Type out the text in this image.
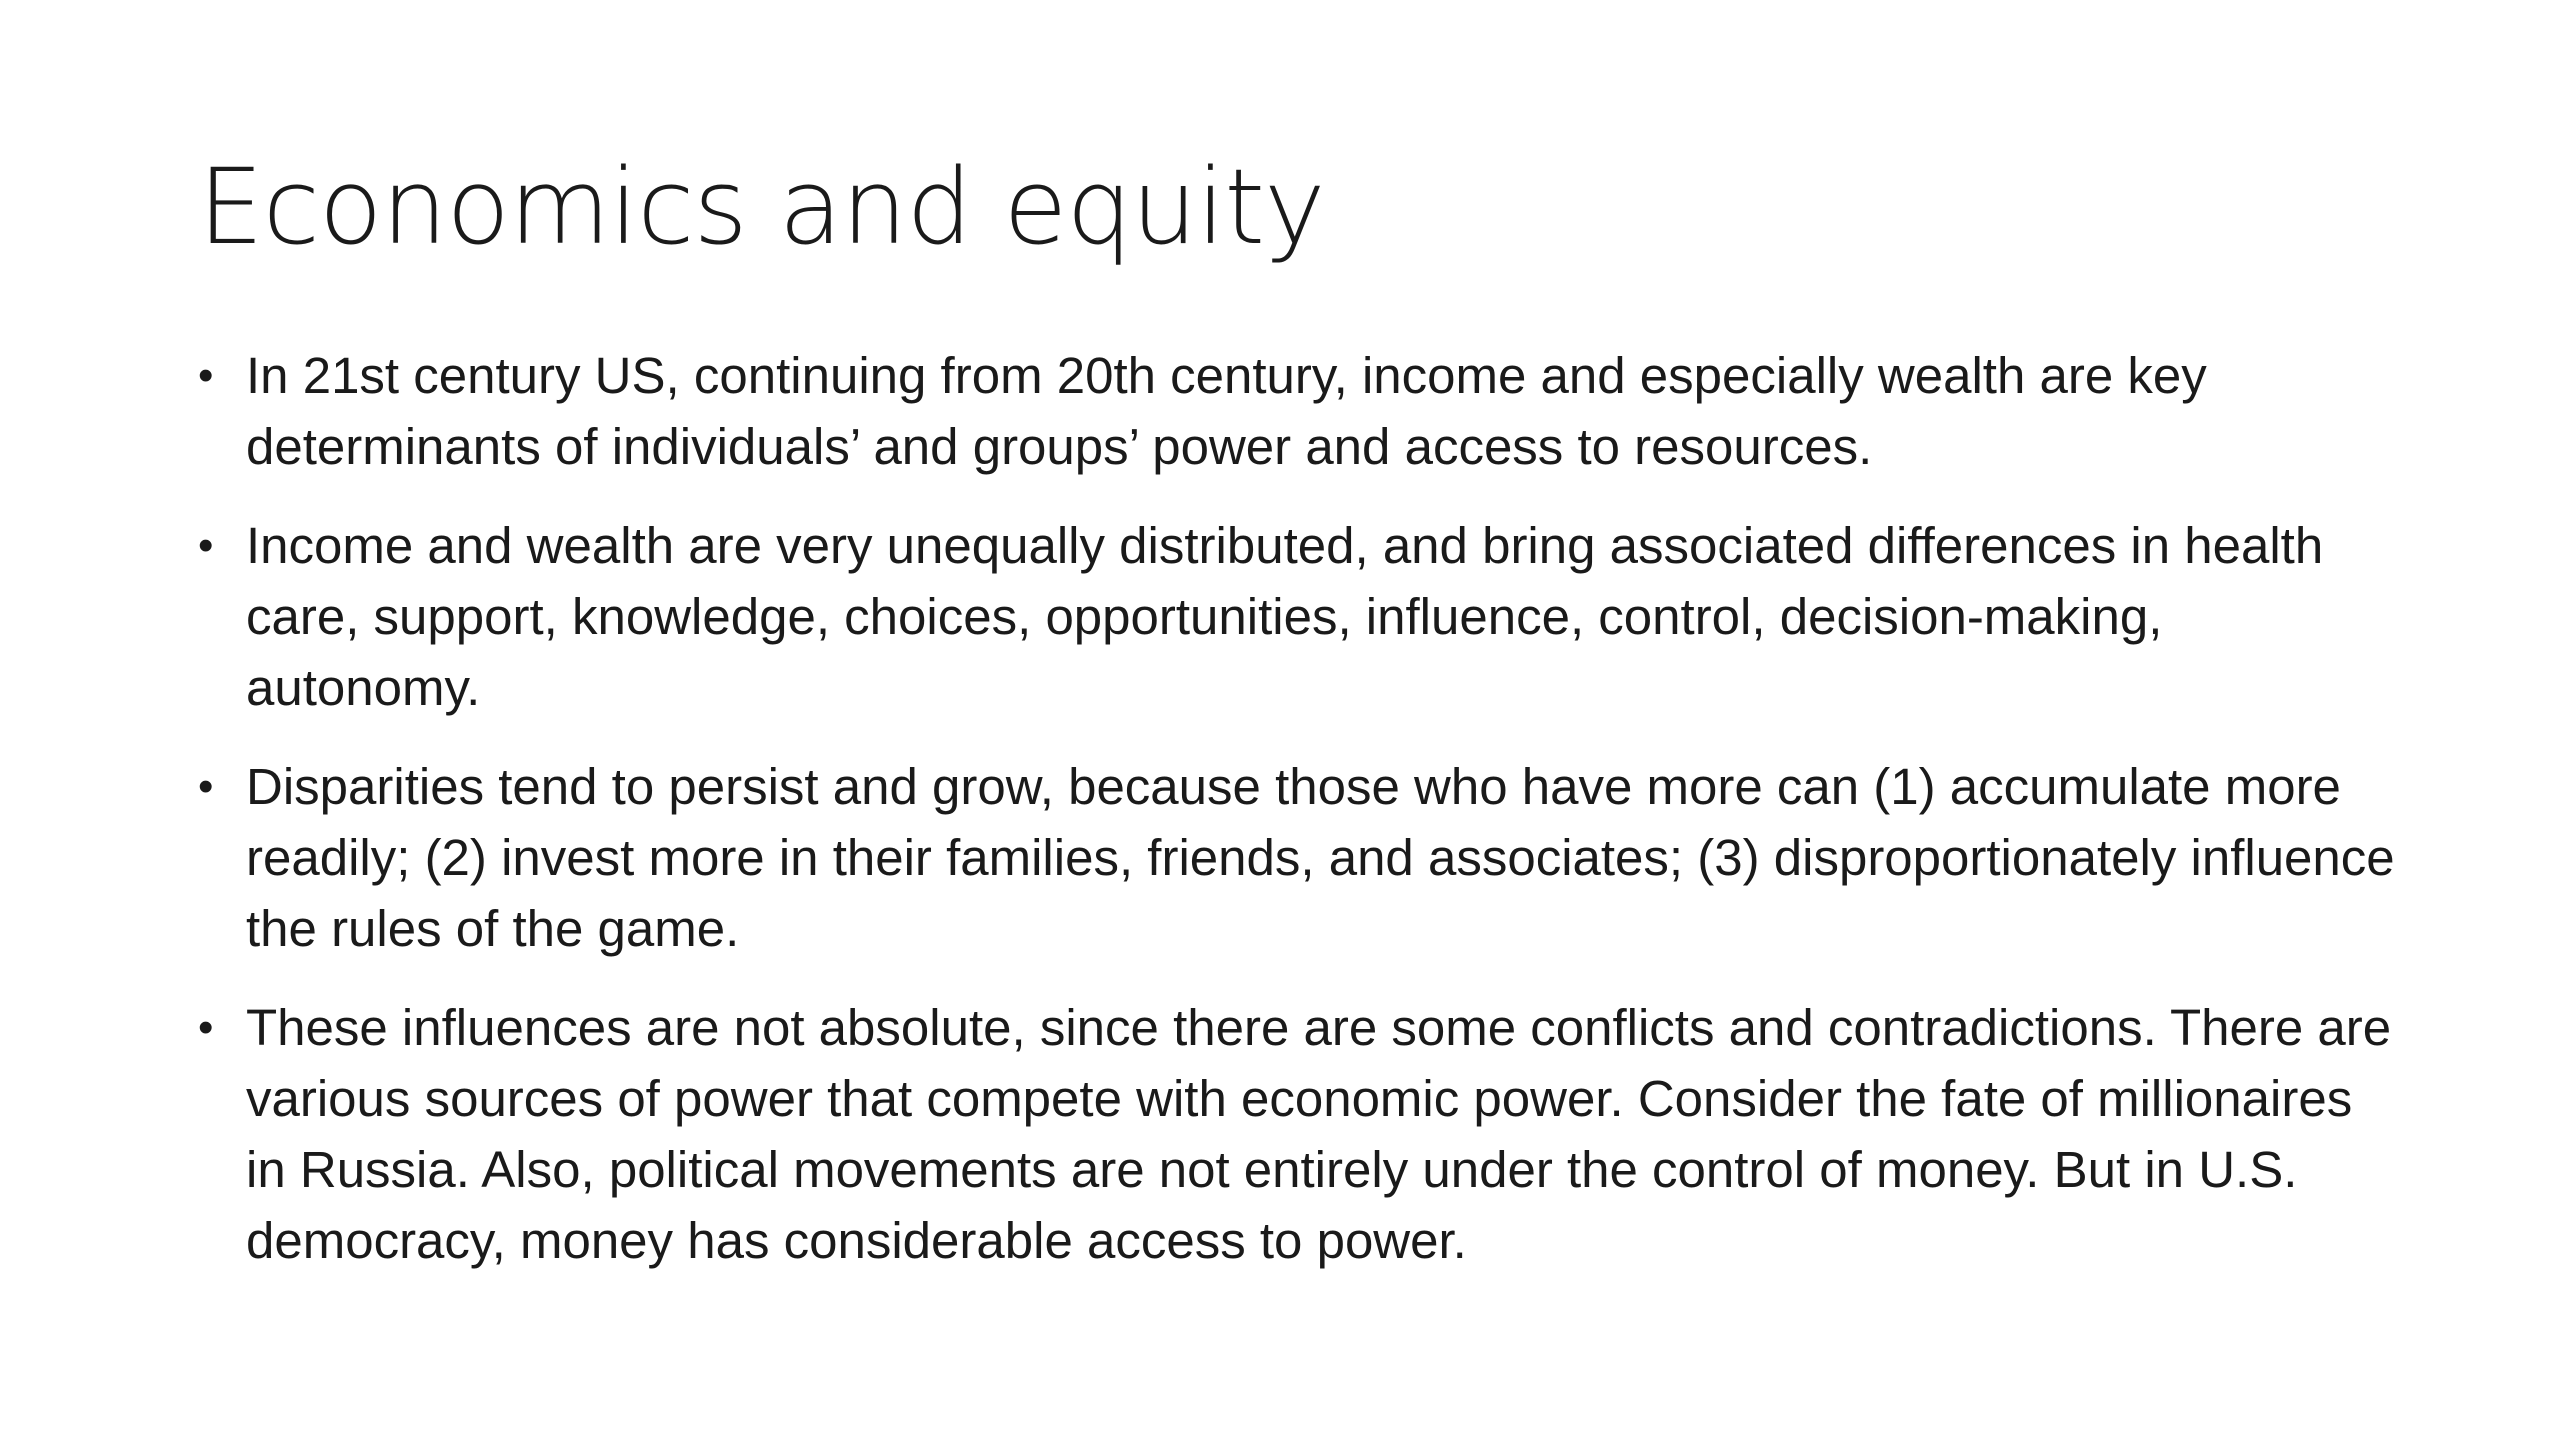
Economics and equity
• In 21st century US, continuing from 20th century, income and especially wealth are key determinants of individuals’ and groups’ power and access to resources.
• Income and wealth are very unequally distributed, and bring associated differences in health care, support, knowledge, choices, opportunities, influence, control, decision-making, autonomy.
• Disparities tend to persist and grow, because those who have more can (1) accumulate more readily; (2) invest more in their families, friends, and associates; (3) disproportionately influence the rules of the game.
• These influences are not absolute, since there are some conflicts and contradictions. There are various sources of power that compete with economic power. Consider the fate of millionaires in Russia. Also, political movements are not entirely under the control of money. But in U.S. democracy, money has considerable access to power.
